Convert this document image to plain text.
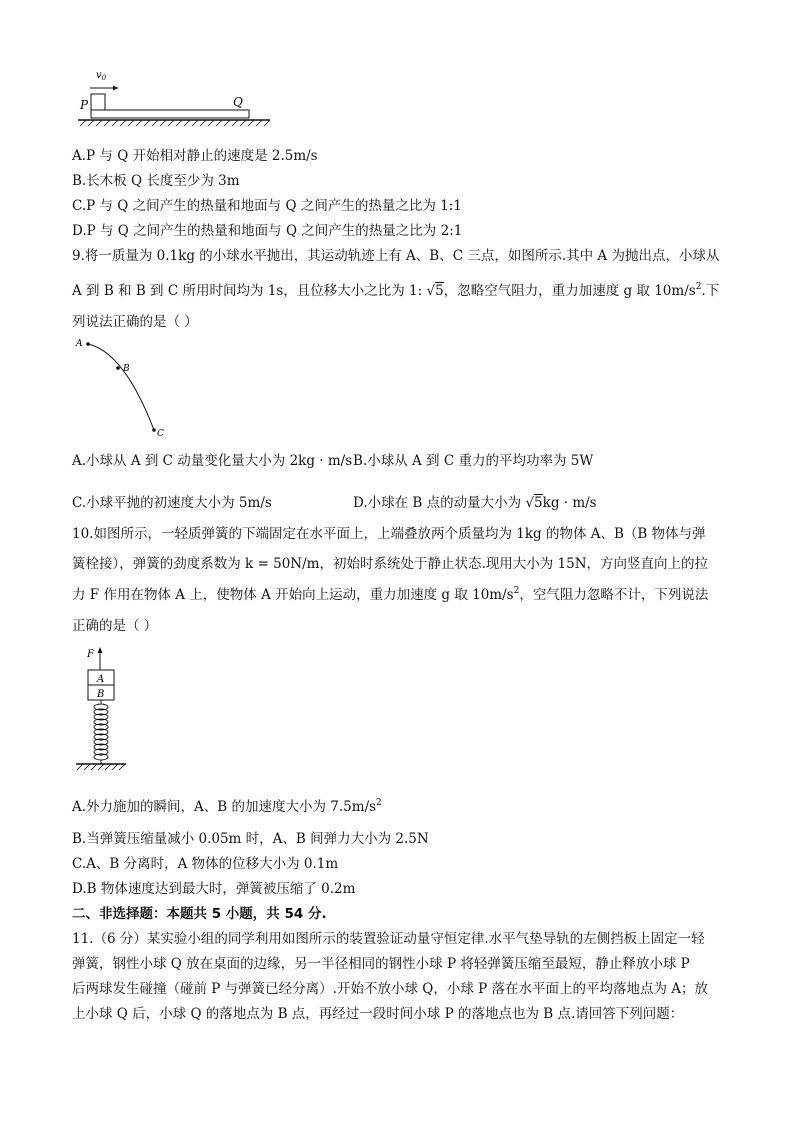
$v_0$
P	Q
A.P 与 Q 开始相对静止的速度是 2.5m/s
B.长木板 Q 长度至少为 3m
C.P 与 Q 之间产生的热量和地面与 Q 之间产生的热量之比为 1:1
D.P 与 Q 之间产生的热量和地面与 Q 之间产生的热量之比为 2:1
9.将一质量为 0.1kg 的小球水平抛出，其运动轨迹上有 A、B、C 三点，如图所示.其中 A 为抛出点，小球从
A 到 B 和 B 到 C 所用时间均为 1s，且位移大小之比为 1: √5，忽略空气阻力，重力加速度 g 取 $10m/s^2$.下
列说法正确的是（ ）
A
B
C
A.小球从 A 到 C 动量变化量大小为 2kg · m/s B.小球从 A 到 C 重力的平均功率为 5W
C.小球平抛的初速度大小为 5m/s	D.小球在 B 点的动量大小为 √5kg · m/s
10.如图所示，一轻质弹簧的下端固定在水平面上，上端叠放两个质量均为 1kg 的物体 A、B（B 物体与弹
簧栓接），弹簧的劲度系数为 k = 50N/m，初始时系统处于静止状态.现用大小为 15N，方向竖直向上的拉
力 F 作用在物体 A 上，使物体 A 开始向上运动，重力加速度 g 取 $10m/s^2$，空气阻力忽略不计，下列说法
正确的是（ ）
F
A
B
A.外力施加的瞬间，A、B 的加速度大小为 $7.5m/s^2$
B.当弹簧压缩量减小 0.05m 时，A、B 间弹力大小为 2.5N
C.A、B 分离时，A 物体的位移大小为 0.1m
D.B 物体速度达到最大时，弹簧被压缩了 0.2m
二、非选择题：本题共 5 小题，共 54 分.
11.（6 分）某实验小组的同学利用如图所示的装置验证动量守恒定律.水平气垫导轨的左侧挡板上固定一轻
弹簧，钢性小球 Q 放在桌面的边缘，另一半径相同的钢性小球 P 将轻弹簧压缩至最短，静止释放小球 P
后两球发生碰撞（碰前 P 与弹簧已经分离）.开始不放小球 Q，小球 P 落在水平面上的平均落地点为 A；放
上小球 Q 后，小球 Q 的落地点为 B 点，再经过一段时间小球 P 的落地点也为 B 点.请回答下列问题：
